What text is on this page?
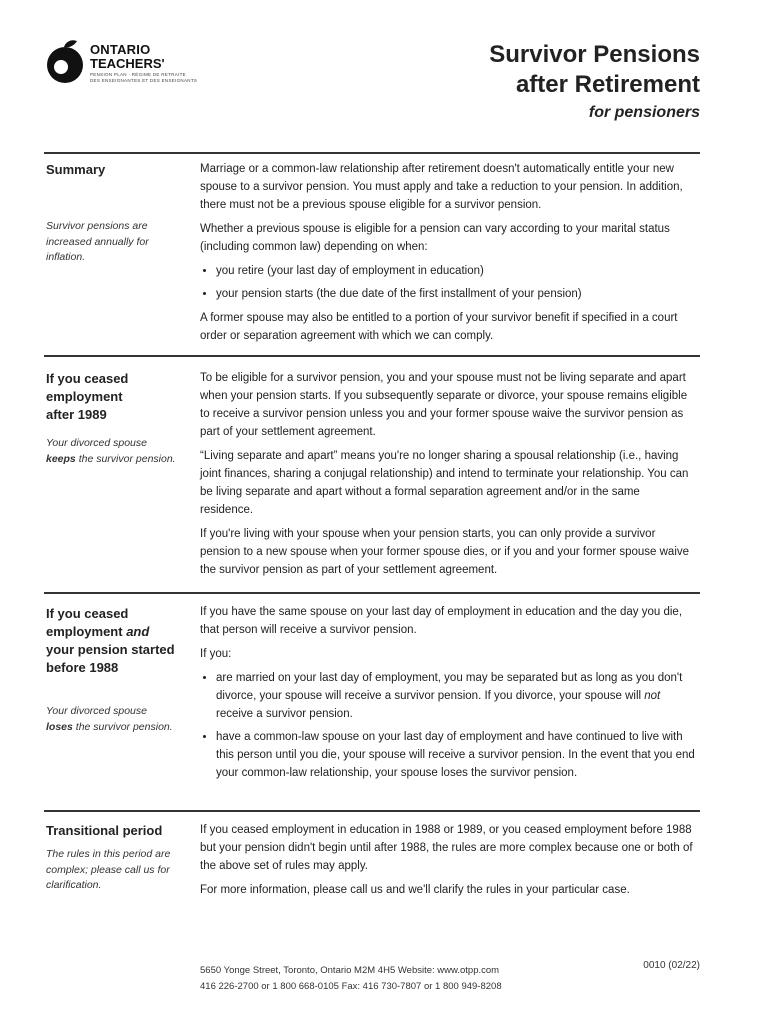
ONTARIO
TEACHERS'
PENSION PLAN · RÉGIME DE RETRAITE
DES ENSEIGNANTES ET DES ENSEIGNANTS
Survivor Pensions
after Retirement
for pensioners
Summary
Survivor pensions are increased annually for inflation.

Marriage or a common-law relationship after retirement doesn't automatically entitle your new spouse to a survivor pension. You must apply and take a reduction to your pension. In addition, there must not be a previous spouse eligible for a survivor pension.

Whether a previous spouse is eligible for a pension can vary according to your marital status (including common law) depending on when:

• you retire (your last day of employment in education)
• your pension starts (the due date of the first installment of your pension)

A former spouse may also be entitled to a portion of your survivor benefit if specified in a court order or separation agreement with which we can comply.

If you ceased
employment
after 1989
Your divorced spouse keeps the survivor pension.

To be eligible for a survivor pension, you and your spouse must not be living separate and apart when your pension starts. If you subsequently separate or divorce, your spouse remains eligible to receive a survivor pension unless you and your former spouse waive the survivor pension as part of your settlement agreement.

“Living separate and apart” means you're no longer sharing a spousal relationship (i.e., having joint finances, sharing a conjugal relationship) and intend to terminate your relationship. You can be living separate and apart without a formal separation agreement and/or in the same residence.

If you're living with your spouse when your pension starts, you can only provide a survivor pension to a new spouse when your former spouse dies, or if you and your former spouse waive the survivor pension as part of your settlement agreement.

If you ceased
employment and
your pension started
before 1988
Your divorced spouse loses the survivor pension.

If you have the same spouse on your last day of employment in education and the day you die, that person will receive a survivor pension.

If you:

• are married on your last day of employment, you may be separated but as long as you don't divorce, your spouse will receive a survivor pension. If you divorce, your spouse will not receive a survivor pension.
• have a common-law spouse on your last day of employment and have continued to live with this person until you die, your spouse will receive a survivor pension. In the event that you end your common-law relationship, your spouse loses the survivor pension.
Transitional period
The rules in this period are complex; please call us for clarification.

If you ceased employment in education in 1988 or 1989, or you ceased employment before 1988 but your pension didn't begin until after 1988, the rules are more complex because one or both of the above set of rules may apply.

For more information, please call us and we'll clarify the rules in your particular case.

5650 Yonge Street, Toronto, Ontario M2M 4H5 Website: www.otpp.com
416 226-2700 or 1 800 668-0105 Fax: 416 730-7807 or 1 800 949-8208
0010 (02/22)
